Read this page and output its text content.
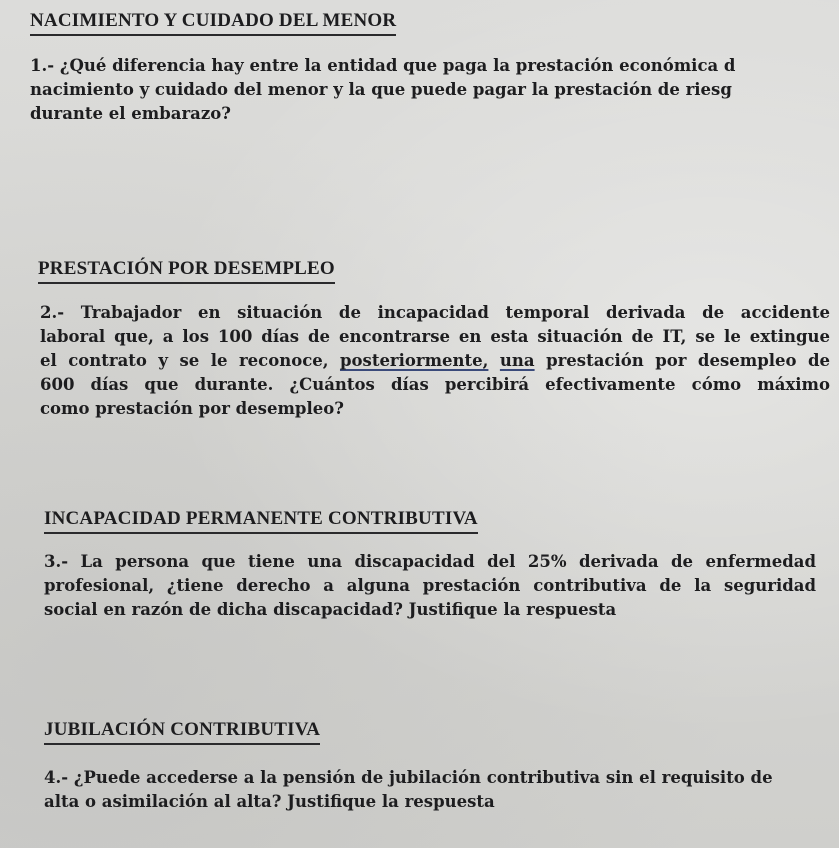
NACIMIENTO Y CUIDADO DEL MENOR
1.- ¿Qué diferencia hay entre la entidad que paga la prestación económica d
nacimiento y cuidado del menor y la que puede pagar la prestación de riesg
durante el embarazo?
PRESTACIÓN POR DESEMPLEO
2.- Trabajador en situación de incapacidad temporal derivada de accidente
laboral que, a los 100 días de encontrarse en esta situación de IT, se le extingue
el contrato y se le reconoce, posteriormente, una prestación por desempleo de
600 días que durante. ¿Cuántos días percibirá efectivamente cómo máximo
como prestación por desempleo?
INCAPACIDAD PERMANENTE CONTRIBUTIVA
3.- La persona que tiene una discapacidad del 25% derivada de enfermedad
profesional, ¿tiene derecho a alguna prestación contributiva de la seguridad
social en razón de dicha discapacidad? Justifique la respuesta
JUBILACIÓN CONTRIBUTIVA
4.- ¿Puede accederse a la pensión de jubilación contributiva sin el requisito de
alta o asimilación al alta? Justifique la respuesta
